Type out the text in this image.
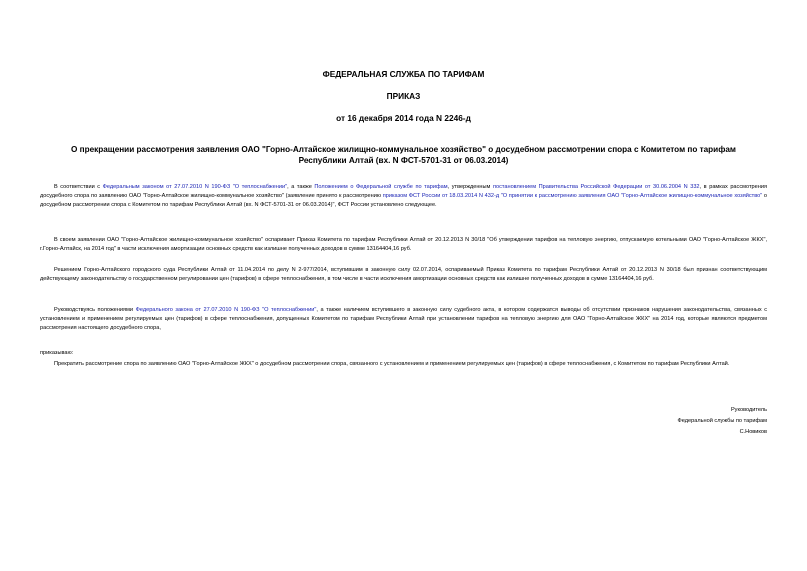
ФЕДЕРАЛЬНАЯ СЛУЖБА ПО ТАРИФАМ
ПРИКАЗ
от 16 декабря 2014 года N 2246-д
О прекращении рассмотрения заявления ОАО "Горно-Алтайское жилищно-коммунальное хозяйство" о досудебном рассмотрении спора с Комитетом по тарифам
Республики Алтай (вх. N ФСТ-5701-31 от 06.03.2014)
В соответствии с Федеральным законом от 27.07.2010 N 190-ФЗ "О теплоснабжении", а также Положением о Федеральной службе по тарифам, утвержденным постановлением Правительства Российской Федерации от 30.06.2004 N 332, в рамках рассмотрения досудебного спора по заявлению ОАО "Горно-Алтайское жилищно-коммунальное хозяйство" (заявление принято к рассмотрению приказом ФСТ России от 18.03.2014 N 432-д "О принятии к рассмотрению заявления ОАО "Горно-Алтайское жилищно-коммунальное хозяйство" о досудебном рассмотрении спора с Комитетом по тарифам Республики Алтай (вх. N ФСТ-5701-31 от 06.03.2014)", ФСТ России установлено следующее.
В своем заявлении ОАО "Горно-Алтайское жилищно-коммунальное хозяйство" оспаривает Приказ Комитета по тарифам Республики Алтай от 20.12.2013 N 30/18 "Об утверждении тарифов на тепловую энергию, отпускаемую котельными ОАО "Горно-Алтайское ЖКХ", г.Горно-Алтайск, на 2014 год" в части исключения амортизации основных средств как излишне полученных доходов в сумме 13164404,16 руб.
Решением Горно-Алтайского городского суда Республики Алтай от 11.04.2014 по делу N 2-977/2014, вступившим в законную силу 02.07.2014, оспариваемый Приказ Комитета по тарифам Республики Алтай от 20.12.2013 N 30/18 был признан соответствующим действующему законодательству о государственном регулировании цен (тарифов) в сфере теплоснабжения, в том числе в части исключения амортизации основных средств как излишне полученных доходов в сумме 13164404,16 руб.
Руководствуясь положениями Федерального закона от 27.07.2010 N 190-ФЗ "О теплоснабжении", а также наличием вступившего в законную силу судебного акта, в котором содержатся выводы об отсутствии признаков нарушения законодательства, связанных с установлением и применением регулируемых цен (тарифов) в сфере теплоснабжения, допущенных Комитетом по тарифам Республики Алтай при установлении тарифов на тепловую энергию для ОАО "Горно-Алтайское ЖКХ" на 2014 год, которые являются предметом рассмотрения настоящего досудебного спора,
приказываю:
Прекратить рассмотрение спора по заявлению ОАО "Горно-Алтайское ЖКХ" о досудебном рассмотрении спора, связанного с установлением и применением регулируемых цен (тарифов) в сфере теплоснабжения, с Комитетом по тарифам Республики Алтай.
Руководитель
Федеральной службы по тарифам
С.Новиков
